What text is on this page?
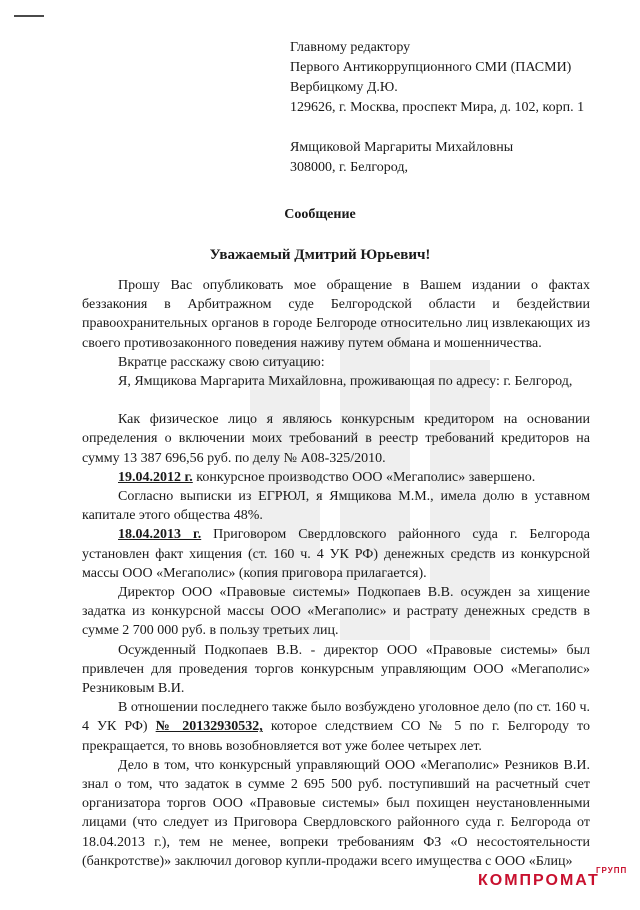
Главному редактору
Первого Антикоррупционного СМИ (ПАСМИ)
Вербицкому Д.Ю.
129626, г. Москва, проспект Мира, д. 102, корп. 1
Ямщиковой Маргариты Михайловны
308000, г. Белгород,
Сообщение
Уважаемый Дмитрий Юрьевич!

Прошу Вас опубликовать мое обращение в Вашем издании о фактах беззакония в Арбитражном суде Белгородской области и бездействии правоохранительных органов в городе Белгороде относительно лиц извлекающих из своего противозаконного поведения наживу путем обмана и мошенничества.

Вкратце расскажу свою ситуацию:

Я, Ямщикова Маргарита Михайловна, проживающая по адресу: г. Белгород,

Как физическое лицо я являюсь конкурсным кредитором на основании определения о включении моих требований в реестр требований кредиторов на сумму 13 387 696,56 руб. по делу № А08-325/2010.

19.04.2012 г. конкурсное производство ООО «Мегаполис» завершено.

Согласно выписки из ЕГРЮЛ, я Ямщикова М.М., имела долю в уставном капитале этого общества 48%.

18.04.2013 г. Приговором Свердловского районного суда г. Белгорода установлен факт хищения (ст. 160 ч. 4 УК РФ) денежных средств из конкурсной массы ООО «Мегаполис» (копия приговора прилагается).

Директор ООО «Правовые системы» Подкопаев В.В. осужден за хищение задатка из конкурсной массы ООО «Мегаполис» и растрату денежных средств в сумме 2 700 000 руб. в пользу третьих лиц.

Осужденный Подкопаев В.В. - директор ООО «Правовые системы» был привлечен для проведения торгов конкурсным управляющим ООО «Мегаполис» Резниковым В.И.

В отношении последнего также было возбуждено уголовное дело (по ст. 160 ч. 4 УК РФ) № 20132930532, которое следствием СО № 5 по г. Белгороду то прекращается, то вновь возобновляется вот уже более четырех лет.

Дело в том, что конкурсный управляющий ООО «Мегаполис» Резников В.И. знал о том, что задаток в сумме 2 695 500 руб. поступивший на расчетный счет организатора торгов ООО «Правовые системы» был похищен неустановленными лицами (что следует из Приговора Свердловского районного суда г. Белгорода от 18.04.2013 г.), тем не менее, вопреки требованиям ФЗ «О несостоятельности (банкротстве)» заключил договор купли-продажи всего имущества с ООО «Блиц»

КОМПРОМАТ
ГРУПП
